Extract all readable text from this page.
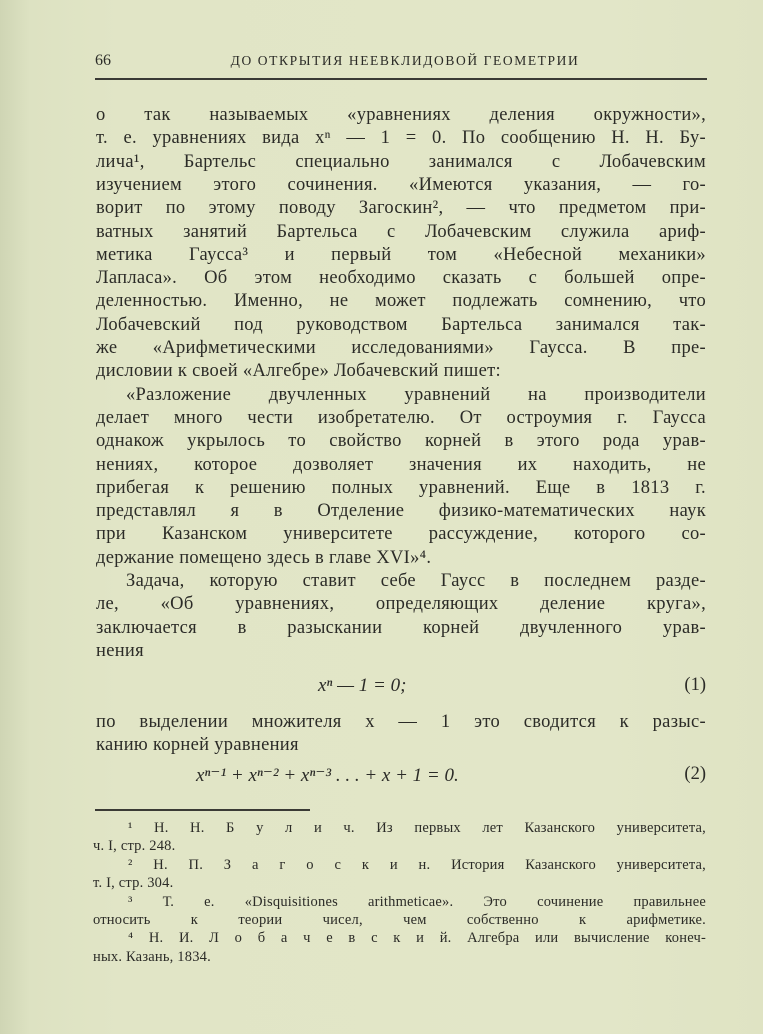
66	ДО ОТКРЫТИЯ НЕЕВКЛИДОВОЙ ГЕОМЕТРИИ
о так называемых «уравнениях деления окружности»,
т. е. уравнениях вида xⁿ — 1 = 0. По сообщению Н. Н. Бу-
лича¹, Бартельс специально занимался с Лобачевским
изучением этого сочинения. «Имеются указания, — го-
ворит по этому поводу Загоскин², — что предметом при-
ватных занятий Бартельса с Лобачевским служила ариф-
метика Гаусса³ и первый том «Небесной механики»
Лапласа». Об этом необходимо сказать с большей опре-
деленностью. Именно, не может подлежать сомнению, что
Лобачевский под руководством Бартельса занимался так-
же «Арифметическими исследованиями» Гаусса. В пре-
дисловии к своей «Алгебре» Лобачевский пишет:
«Разложение двучленных уравнений на производители
делает много чести изобретателю. От остроумия г. Гаусса
однакож укрылось то свойство корней в этого рода урав-
нениях, которое дозволяет значения их находить, не
прибегая к решению полных уравнений. Еще в 1813 г.
представлял я в Отделение физико-математических наук
при Казанском университете рассуждение, которого со-
держание помещено здесь в главе XVI»⁴.
Задача, которую ставит себе Гаусс в последнем разде-
ле, «Об уравнениях, определяющих деление круга»,
заключается в разыскании корней двучленного урав-
нения
xⁿ — 1 = 0;	(1)
по выделении множителя x — 1 это сводится к разыс-
канию корней уравнения
xⁿ⁻¹ + xⁿ⁻² + xⁿ⁻³ . . . + x + 1 = 0.	(2)
¹ Н. Н. Б у л и ч. Из первых лет Казанского университета,
ч. I, стр. 248.
² Н. П. З а г о с к и н. История Казанского университета,
т. I, стр. 304.
³ Т. е. «Disquisitiones arithmeticae». Это сочинение правильнее
относить к теории чисел, чем собственно к арифметике.
⁴ Н. И. Л о б а ч е в с к и й. Алгебра или вычисление конеч-
ных. Казань, 1834.
